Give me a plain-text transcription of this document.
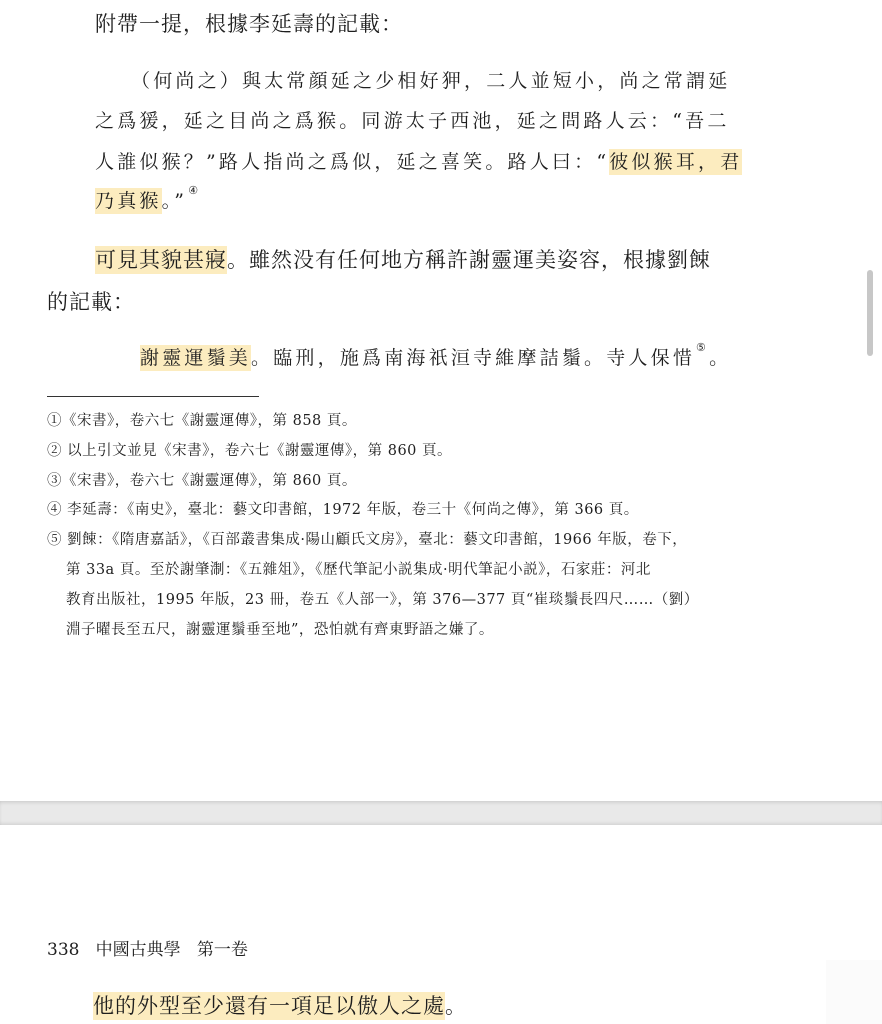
附帶一提，根據李延壽的記載：
（何尚之）與太常顔延之少相好狎，二人並短小，尚之常謂延
之爲猨，延之目尚之爲猴。同游太子西池，延之問路人云：“吾二
人誰似猴？”路人指尚之爲似，延之喜笑。路人曰：“彼似猴耳，君
乃真猴。”④
可見其貌甚寢。雖然没有任何地方稱許謝靈運美姿容，根據劉餗
的記載：
謝靈運鬚美。臨刑，施爲南海祇洹寺維摩詰鬚。寺人保惜⑤。
①《宋書》，卷六七《謝靈運傳》，第 858 頁。
② 以上引文並見《宋書》，卷六七《謝靈運傳》，第 860 頁。
③《宋書》，卷六七《謝靈運傳》，第 860 頁。
④ 李延壽：《南史》，臺北：藝文印書館，1972 年版，卷三十《何尚之傳》，第 366 頁。
⑤ 劉餗：《隋唐嘉話》，《百部叢書集成·陽山顧氏文房》，臺北：藝文印書館，1966 年版，卷下，
第 33a 頁。至於謝肇淛：《五雜俎》，《歷代筆記小説集成·明代筆記小説》，石家莊：河北
教育出版社，1995 年版，23 冊，卷五《人部一》，第 376—377 頁“崔琰鬚長四尺……（劉）
淵子曜長至五尺，謝靈運鬚垂至地”，恐怕就有齊東野語之嫌了。
338   中國古典學   第一卷
他的外型至少還有一項足以傲人之處。
